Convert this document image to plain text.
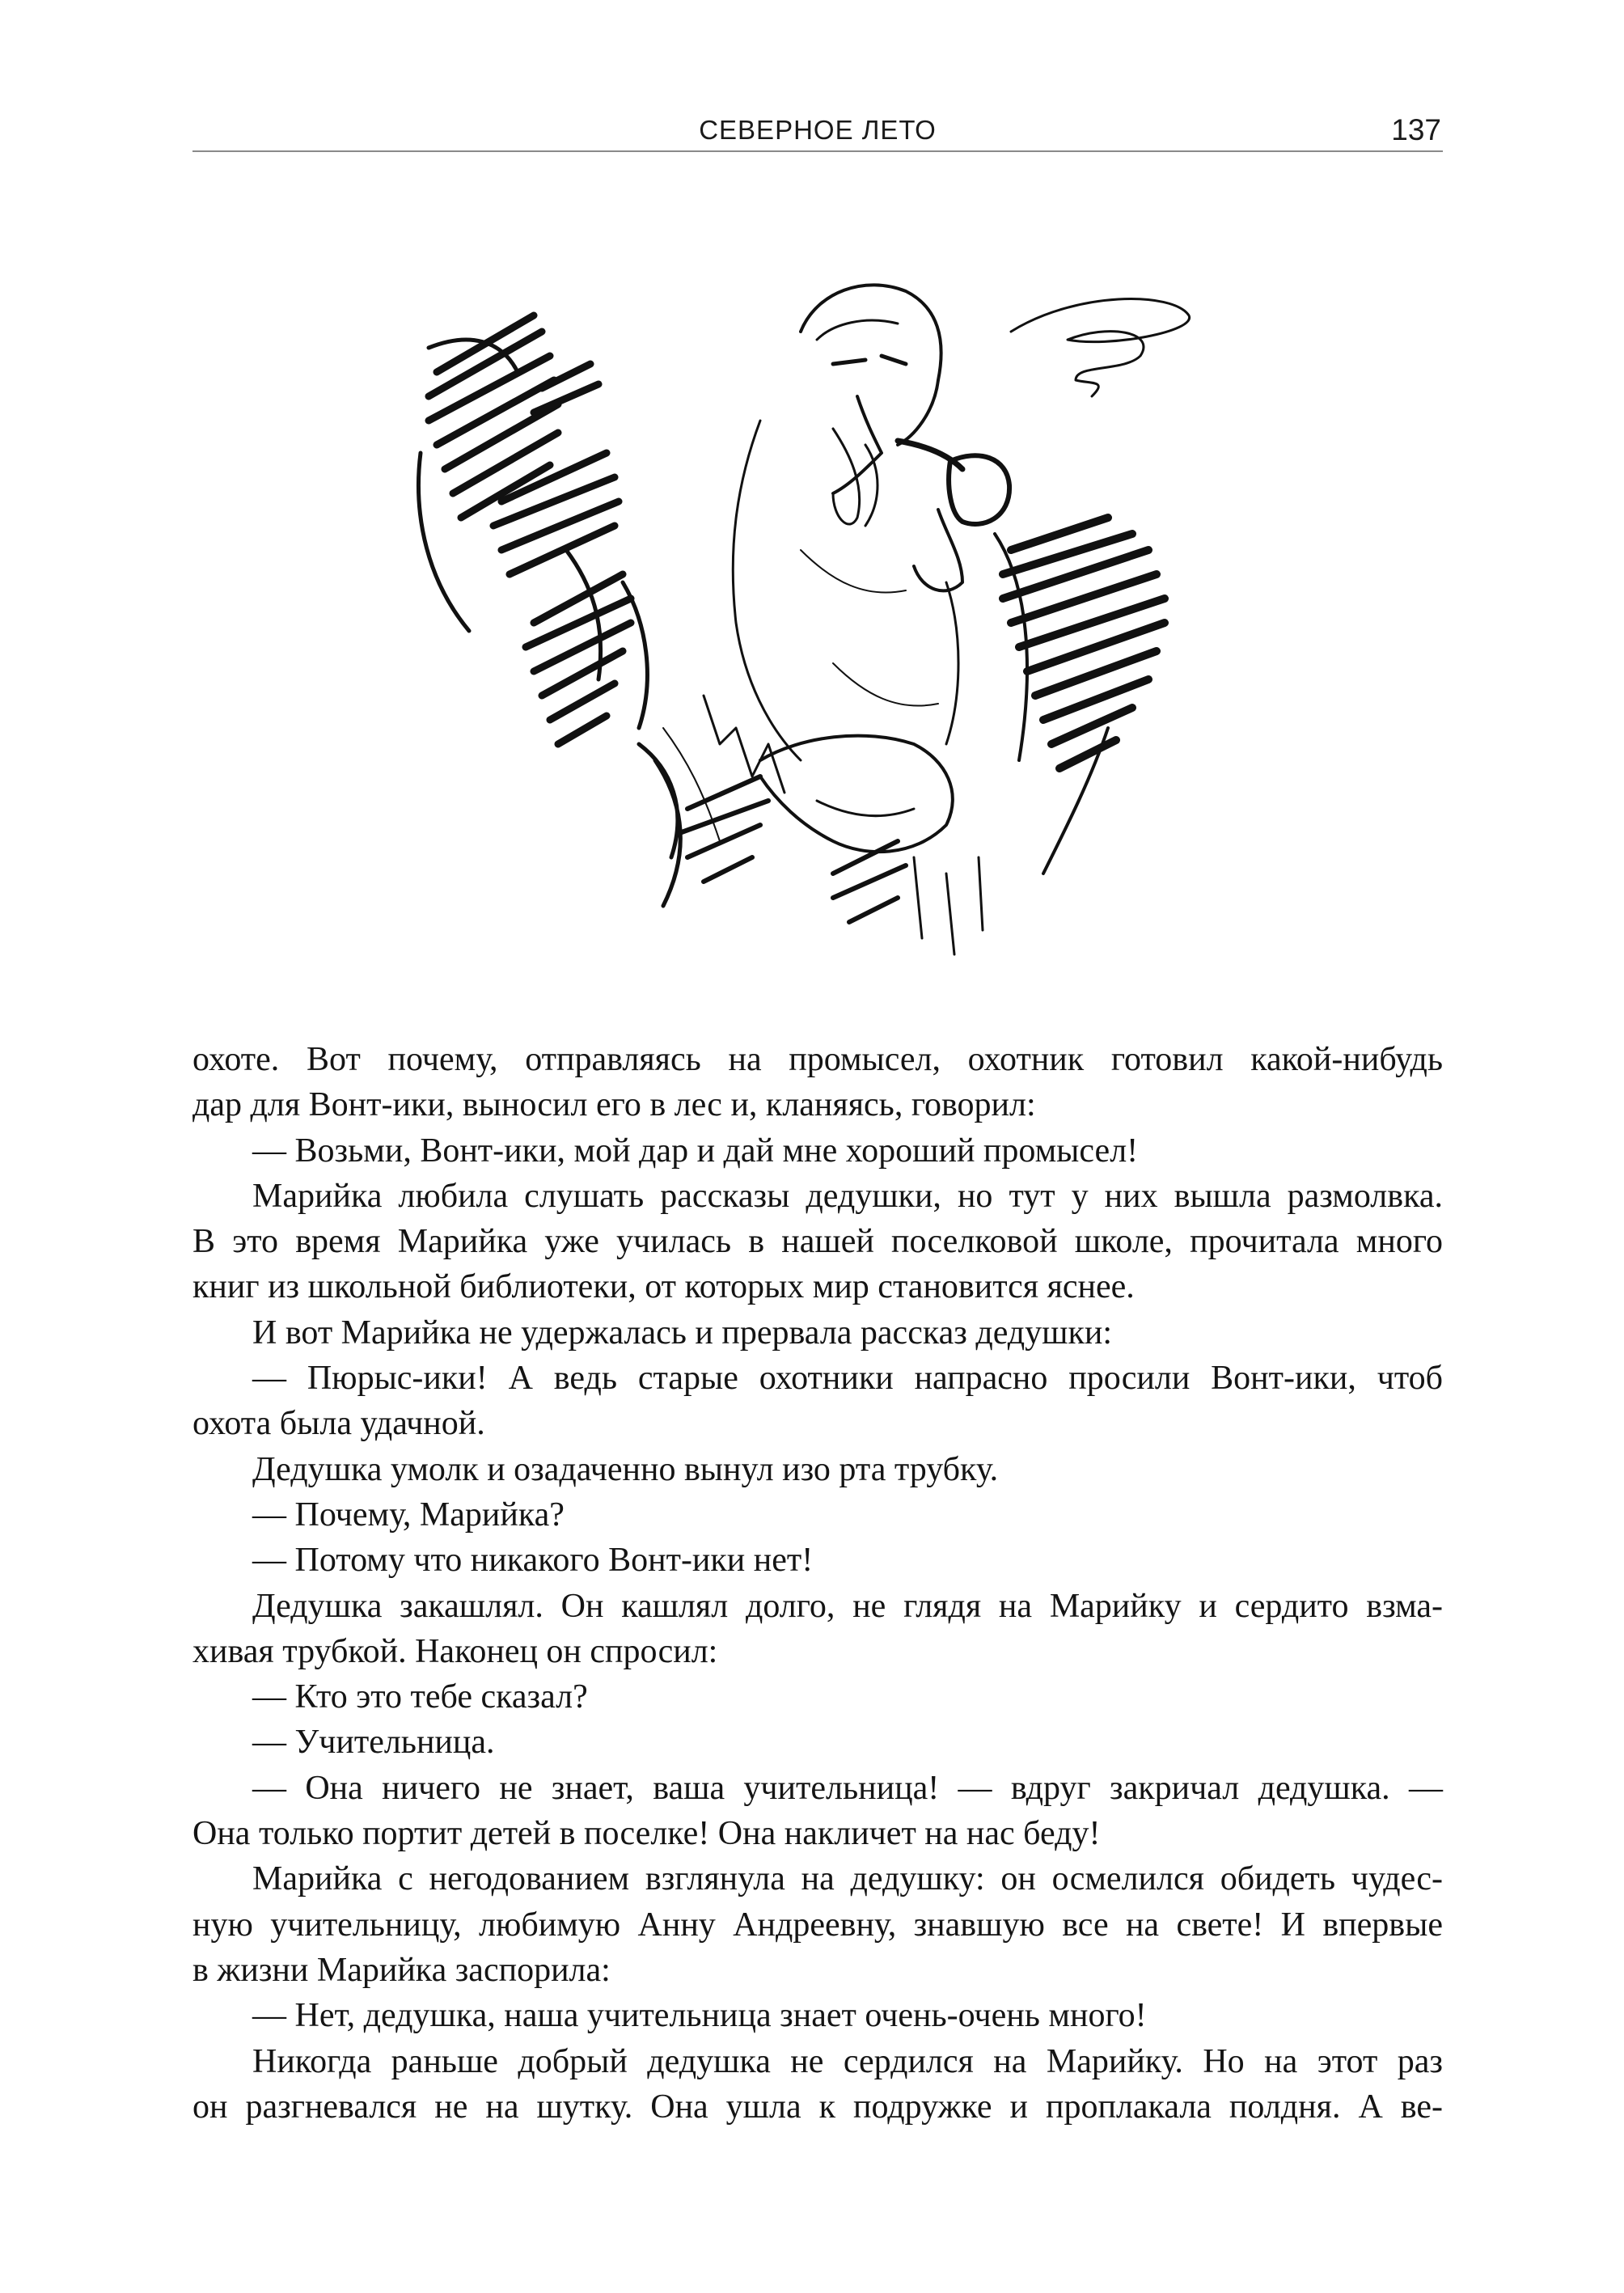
СЕВЕРНОЕ ЛЕТО	137

охоте. Вот почему, отправляясь на промысел, охотник готовил какой-нибудь

дар для Вонт-ики, выносил его в лес и, кланяясь, говорил:

— Возьми, Вонт-ики, мой дар и дай мне хороший промысел!

Марийка любила слушать рассказы дедушки, но тут у них вышла размолвка.

В это время Марийка уже училась в нашей поселковой школе, прочитала много

книг из школьной библиотеки, от которых мир становится яснее.

И вот Марийка не удержалась и прервала рассказ дедушки:

— Пюрыс-ики! А ведь старые охотники напрасно просили Вонт-ики, чтоб

охота была удачной.

Дедушка умолк и озадаченно вынул изо рта трубку.

— Почему, Марийка?

— Потому что никакого Вонт-ики нет!

Дедушка закашлял. Он кашлял долго, не глядя на Марийку и сердито взма-

хивая трубкой. Наконец он спросил:

— Кто это тебе сказал?

— Учительница.

— Она ничего не знает, ваша учительница! — вдруг закричал дедушка. —

Она только портит детей в поселке! Она накличет на нас беду!

Марийка с негодованием взглянула на дедушку: он осмелился обидеть чудес-

ную учительницу, любимую Анну Андреевну, знавшую все на свете! И впервые

в жизни Марийка заспорила:

— Нет, дедушка, наша учительница знает очень-очень много!

Никогда раньше добрый дедушка не сердился на Марийку. Но на этот раз

он разгневался не на шутку. Она ушла к подружке и проплакала полдня. А ве-
